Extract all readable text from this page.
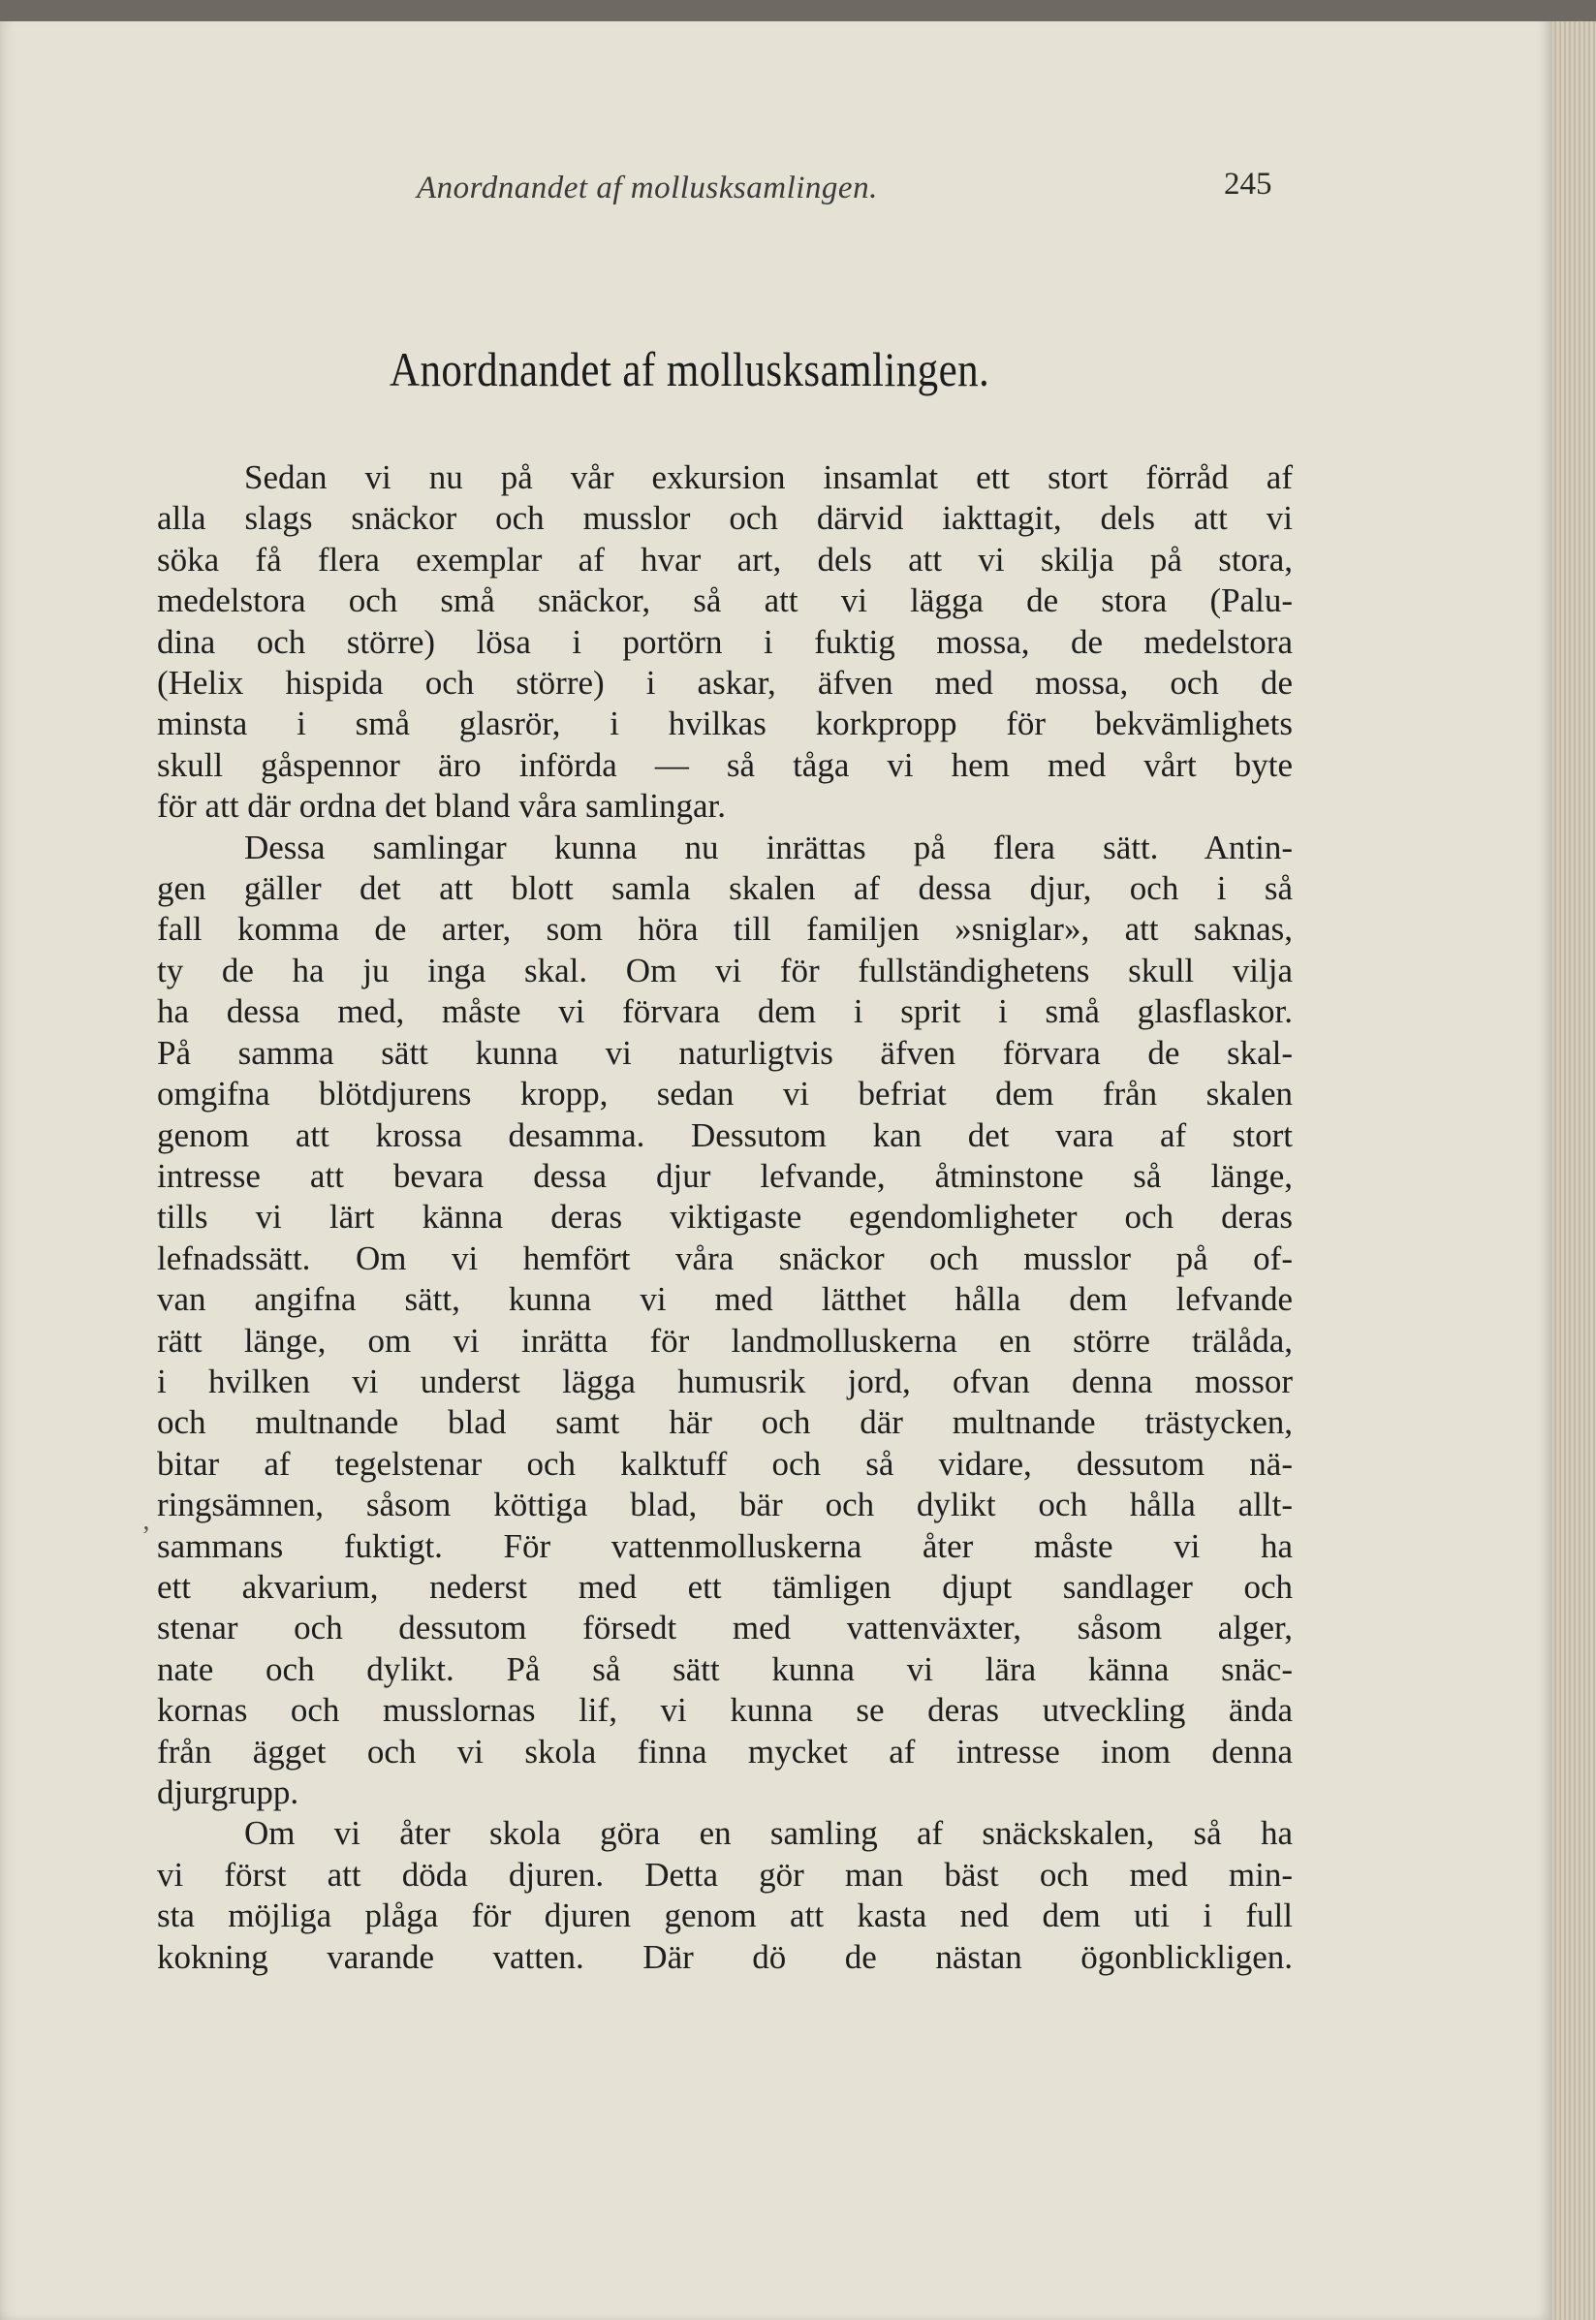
Anordnandet af mollusksamlingen.	245
Anordnandet af mollusksamlingen.
Sedan vi nu på vår exkursion insamlat ett stort förråd af
alla slags snäckor och musslor och därvid iakttagit, dels att vi
söka få flera exemplar af hvar art, dels att vi skilja på stora,
medelstora och små snäckor, så att vi lägga de stora (Palu-
dina och större) lösa i portörn i fuktig mossa, de medelstora
(Helix hispida och större) i askar, äfven med mossa, och de
minsta i små glasrör, i hvilkas korkpropp för bekvämlighets
skull gåspennor äro införda — så tåga vi hem med vårt byte
för att där ordna det bland våra samlingar.
Dessa samlingar kunna nu inrättas på flera sätt. Antin-
gen gäller det att blott samla skalen af dessa djur, och i så
fall komma de arter, som höra till familjen »sniglar», att saknas,
ty de ha ju inga skal. Om vi för fullständighetens skull vilja
ha dessa med, måste vi förvara dem i sprit i små glasflaskor.
På samma sätt kunna vi naturligtvis äfven förvara de skal-
omgifna blötdjurens kropp, sedan vi befriat dem från skalen
genom att krossa desamma. Dessutom kan det vara af stort
intresse att bevara dessa djur lefvande, åtminstone så länge,
tills vi lärt känna deras viktigaste egendomligheter och deras
lefnadssätt. Om vi hemfört våra snäckor och musslor på of-
van angifna sätt, kunna vi med lätthet hålla dem lefvande
rätt länge, om vi inrätta för landmolluskerna en större trälåda,
i hvilken vi underst lägga humusrik jord, ofvan denna mossor
och multnande blad samt här och där multnande trästycken,
bitar af tegelstenar och kalktuff och så vidare, dessutom nä-
ringsämnen, såsom köttiga blad, bär och dylikt och hålla allt-
sammans fuktigt. För vattenmolluskerna åter måste vi ha
ett akvarium, nederst med ett tämligen djupt sandlager och
stenar och dessutom försedt med vattenväxter, såsom alger,
nate och dylikt. På så sätt kunna vi lära känna snäc-
kornas och musslornas lif, vi kunna se deras utveckling ända
från ägget och vi skola finna mycket af intresse inom denna
djurgrupp.
Om vi åter skola göra en samling af snäckskalen, så ha
vi först att döda djuren. Detta gör man bäst och med min-
sta möjliga plåga för djuren genom att kasta ned dem uti i full
kokning varande vatten. Där dö de nästan ögonblickligen.
ʼ
